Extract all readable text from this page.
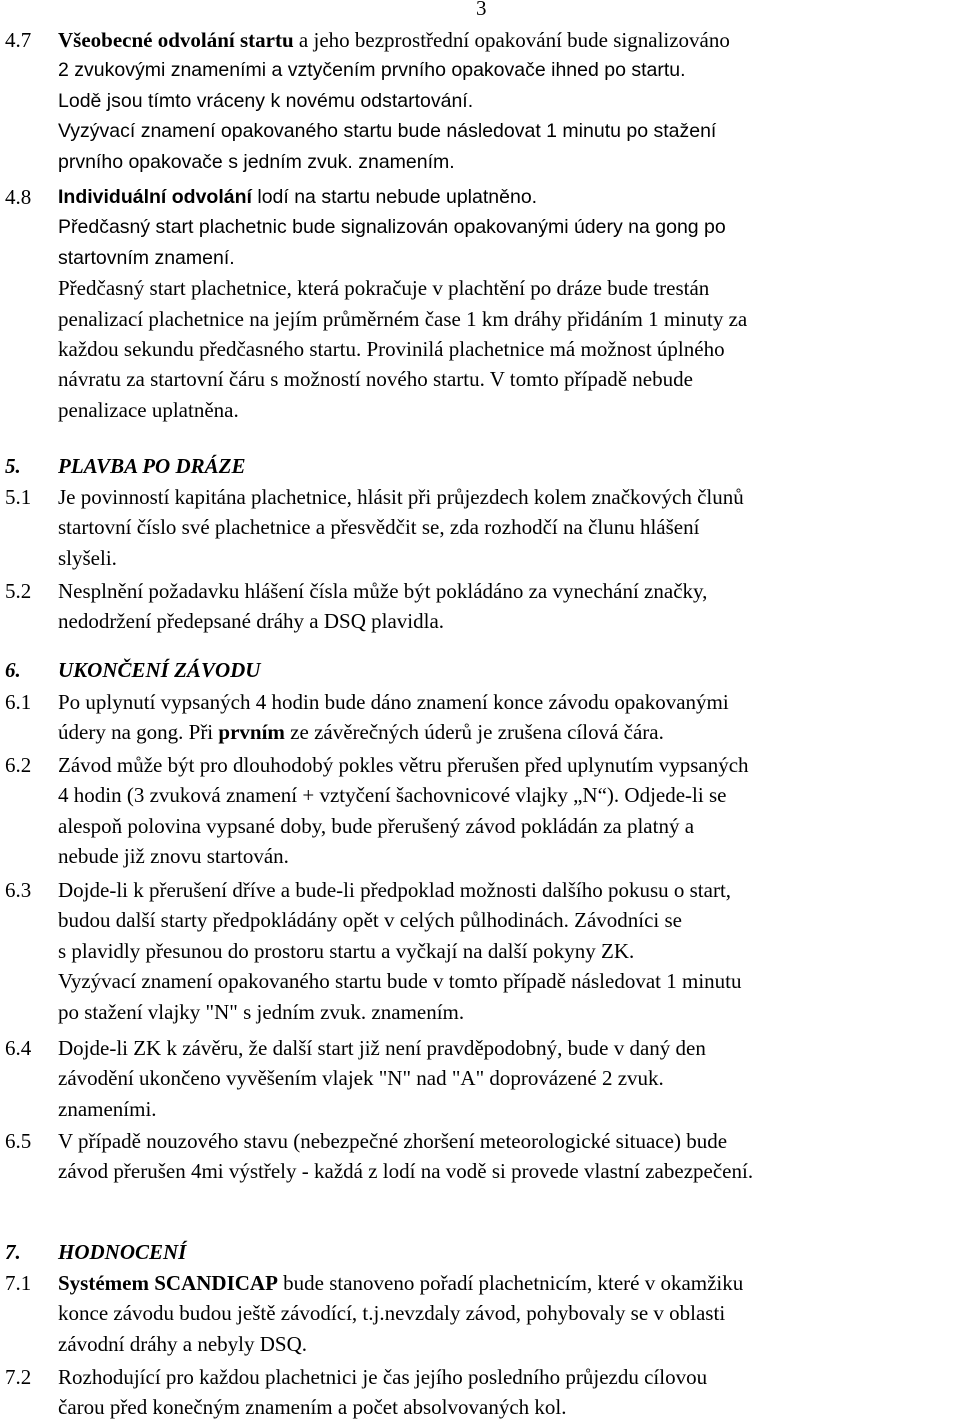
3
4.7 Všeobecné odvolání startu a jeho bezprostřední opakování bude signalizováno
2 zvukovými znameními a vztyčením prvního opakovače ihned po startu.
Lodě jsou tímto vráceny k novému odstartování.
Vyzývací znamení opakovaného startu bude následovat 1 minutu po stažení
prvního opakovače s jedním zvuk. znamením.
4.8 Individuální odvolání lodí na startu nebude uplatněno.
Předčasný start plachetnic bude signalizován opakovanými údery na gong po
startovním znamení.
Předčasný start plachetnice, která pokračuje v plachtění po dráze bude trestán
penalizací plachetnice na jejím průměrném čase 1 km dráhy přidáním 1 minuty za
každou sekundu předčasného startu. Provinilá plachetnice má možnost úplného
návratu za startovní čáru s možností nového startu. V tomto případě nebude
penalizace uplatněna.
5. PLAVBA PO DRÁZE
5.1 Je povinností kapitána plachetnice, hlásit při průjezdech kolem značkových člunů
startovní číslo své plachetnice a přesvědčit se, zda rozhodčí na člunu hlášení
slyšeli.
5.2 Nesplnění požadavku hlášení čísla může být pokládáno za vynechání značky,
nedodržení předepsané dráhy a DSQ plavidla.
6. UKONČENÍ ZÁVODU
6.1 Po uplynutí vypsaných 4 hodin bude dáno znamení konce závodu opakovanými
údery na gong. Při prvním ze závěrečných úderů je zrušena cílová čára.
6.2 Závod může být pro dlouhodobý pokles větru přerušen před uplynutím vypsaných
4 hodin (3 zvuková znamení + vztyčení šachovnicové vlajky „N“). Odjede-li se
alespoň polovina vypsané doby, bude přerušený závod pokládán za platný a
nebude již znovu startován.
6.3 Dojde-li k přerušení dříve a bude-li předpoklad možnosti dalšího pokusu o start,
budou další starty předpokládány opět v celých půlhodinách. Závodníci se
s plavidly přesunou do prostoru startu a vyčkají na další pokyny ZK.
Vyzývací znamení opakovaného startu bude v tomto případě následovat 1 minutu
po stažení vlajky "N" s jedním zvuk. znamením.
6.4 Dojde-li ZK k závěru, že další start již není pravděpodobný, bude v daný den
závodění ukončeno vyvěšením vlajek "N" nad "A" doprovázené 2 zvuk.
znameními.
6.5 V případě nouzového stavu (nebezpečné zhoršení meteorologické situace) bude
závod přerušen 4mi výstřely - každá z lodí na vodě si provede vlastní zabezpečení.
7. HODNOCENÍ
7.1 Systémem SCANDICAP bude stanoveno pořadí plachetnicím, které v okamžiku
konce závodu budou ještě závodící, t.j.nevzdaly závod, pohybovaly se v oblasti
závodní dráhy a nebyly DSQ.
7.2 Rozhodující pro každou plachetnici je čas jejího posledního průjezdu cílovou
čarou před konečným znamením a počet absolvovaných kol.
